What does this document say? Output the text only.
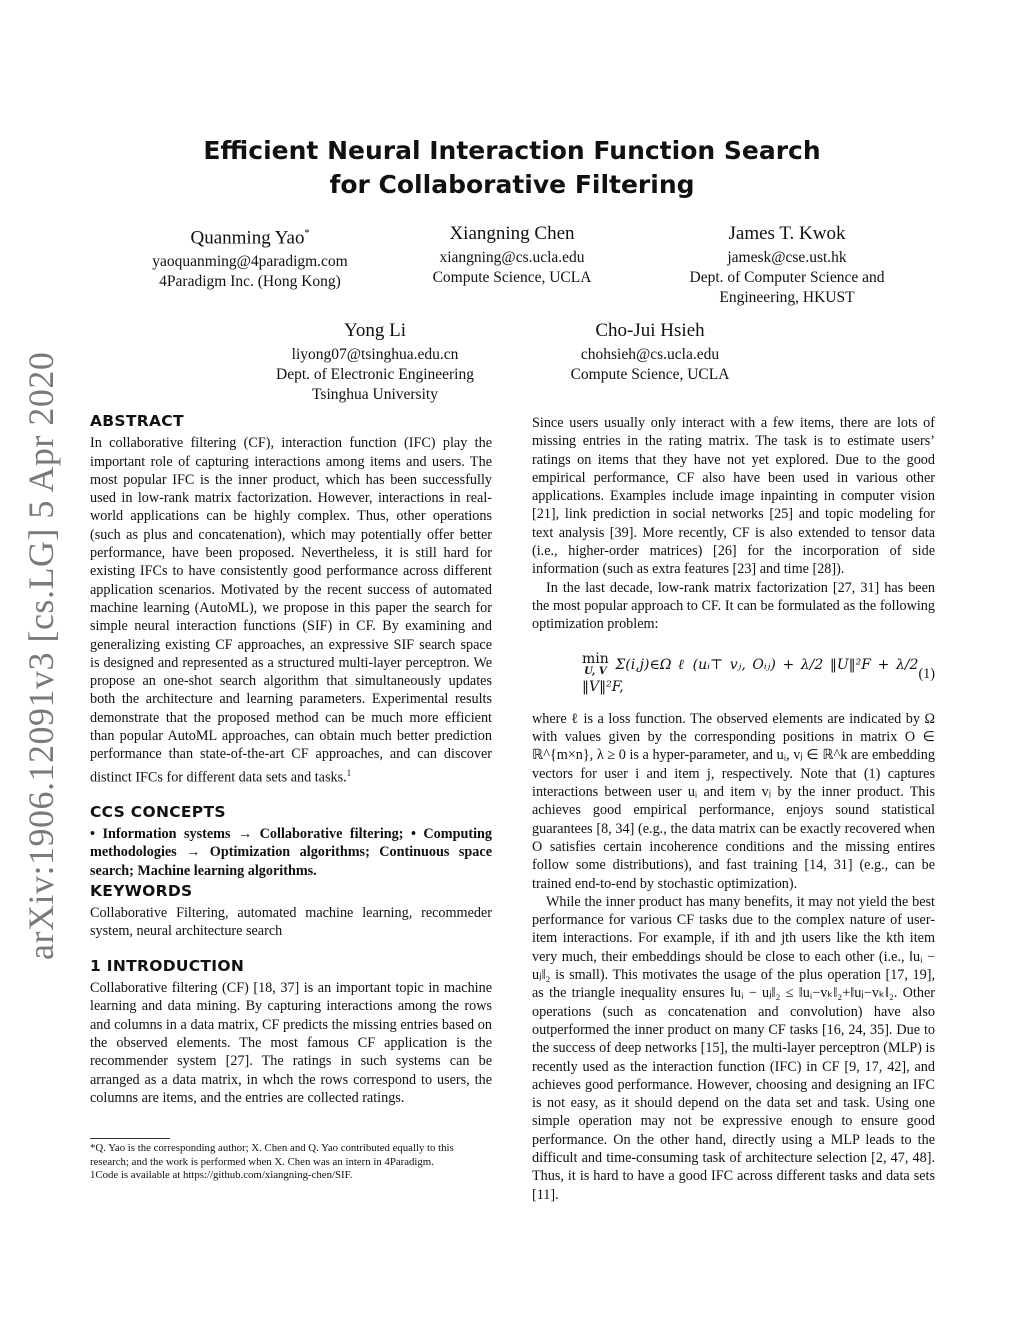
arXiv:1906.12091v3 [cs.LG] 5 Apr 2020
Efficient Neural Interaction Function Search
for Collaborative Filtering
Quanming Yao*
yaoquanming@4paradigm.com
4Paradigm Inc. (Hong Kong)
Xiangning Chen
xiangning@cs.ucla.edu
Compute Science, UCLA
James T. Kwok
jamesk@cse.ust.hk
Dept. of Computer Science and
Engineering, HKUST
Yong Li
liyong07@tsinghua.edu.cn
Dept. of Electronic Engineering
Tsinghua University
Cho-Jui Hsieh
chohsieh@cs.ucla.edu
Compute Science, UCLA
ABSTRACT

In collaborative filtering (CF), interaction function (IFC) play the important role of capturing interactions among items and users. The most popular IFC is the inner product, which has been successfully used in low-rank matrix factorization. However, interactions in real-world applications can be highly complex. Thus, other operations (such as plus and concatenation), which may potentially offer better performance, have been proposed. Nevertheless, it is still hard for existing IFCs to have consistently good performance across different application scenarios. Motivated by the recent success of automated machine learning (AutoML), we propose in this paper the search for simple neural interaction functions (SIF) in CF. By examining and generalizing existing CF approaches, an expressive SIF search space is designed and represented as a structured multi-layer perceptron. We propose an one-shot search algorithm that simultaneously updates both the architecture and learning parameters. Experimental results demonstrate that the proposed method can be much more efficient than popular AutoML approaches, can obtain much better prediction performance than state-of-the-art CF approaches, and can discover distinct IFCs for different data sets and tasks.$^1$

CCS CONCEPTS

• Information systems → Collaborative filtering; • Computing methodologies → Optimization algorithms; Continuous space search; Machine learning algorithms.

KEYWORDS

Collaborative Filtering, automated machine learning, recommeder system, neural architecture search

1 INTRODUCTION

Collaborative filtering (CF) [18, 37] is an important topic in machine learning and data mining. By capturing interactions among the rows and columns in a data matrix, CF predicts the missing entries based on the observed elements. The most famous CF application is the recommender system [27]. The ratings in such systems can be arranged as a data matrix, in whch the rows correspond to users, the columns are items, and the entries are collected ratings.

*Q. Yao is the corresponding author; X. Chen and Q. Yao contributed equally to this research; and the work is performed when X. Chen was an intern in 4Paradigm.
1Code is available at https://github.com/xiangning-chen/SIF.

Since users usually only interact with a few items, there are lots of missing entries in the rating matrix. The task is to estimate users’ ratings on items that they have not yet explored. Due to the good empirical performance, CF also have been used in various other applications. Examples include image inpainting in computer vision [21], link prediction in social networks [25] and topic modeling for text analysis [39]. More recently, CF is also extended to tensor data (i.e., higher-order matrices) [26] for the incorporation of side information (such as extra features [23] and time [28]).

In the last decade, low-rank matrix factorization [27, 31] has been the most popular approach to CF. It can be formulated as the following optimization problem:

min
U, V Σ(i,j)∈Ω ℓ (uᵢ⊤ vⱼ, Oᵢⱼ) + λ/2 ‖U‖²F + λ/2 ‖V‖²F,
(1)

where ℓ is a loss function. The observed elements are indicated by Ω with values given by the corresponding positions in matrix O ∈ ℝ^{m×n}, λ ≥ 0 is a hyper-parameter, and uᵢ, vⱼ ∈ ℝ^k are embedding vectors for user i and item j, respectively. Note that (1) captures interactions between user uᵢ and item vⱼ by the inner product. This achieves good empirical performance, enjoys sound statistical guarantees [8, 34] (e.g., the data matrix can be exactly recovered when O satisfies certain incoherence conditions and the missing entires follow some distributions), and fast training [14, 31] (e.g., can be trained end-to-end by stochastic optimization).

While the inner product has many benefits, it may not yield the best performance for various CF tasks due to the complex nature of user-item interactions. For example, if ith and jth users like the kth item very much, their embeddings should be close to each other (i.e., ‖uᵢ − uⱼ‖₂ is small). This motivates the usage of the plus operation [17, 19], as the triangle inequality ensures ‖uᵢ − uⱼ‖₂ ≤ ‖uᵢ−vₖ‖₂+‖uⱼ−vₖ‖₂. Other operations (such as concatenation and convolution) have also outperformed the inner product on many CF tasks [16, 24, 35]. Due to the success of deep networks [15], the multi-layer perceptron (MLP) is recently used as the interaction function (IFC) in CF [9, 17, 42], and achieves good performance. However, choosing and designing an IFC is not easy, as it should depend on the data set and task. Using one simple operation may not be expressive enough to ensure good performance. On the other hand, directly using a MLP leads to the difficult and time-consuming task of architecture selection [2, 47, 48]. Thus, it is hard to have a good IFC across different tasks and data sets [11].
